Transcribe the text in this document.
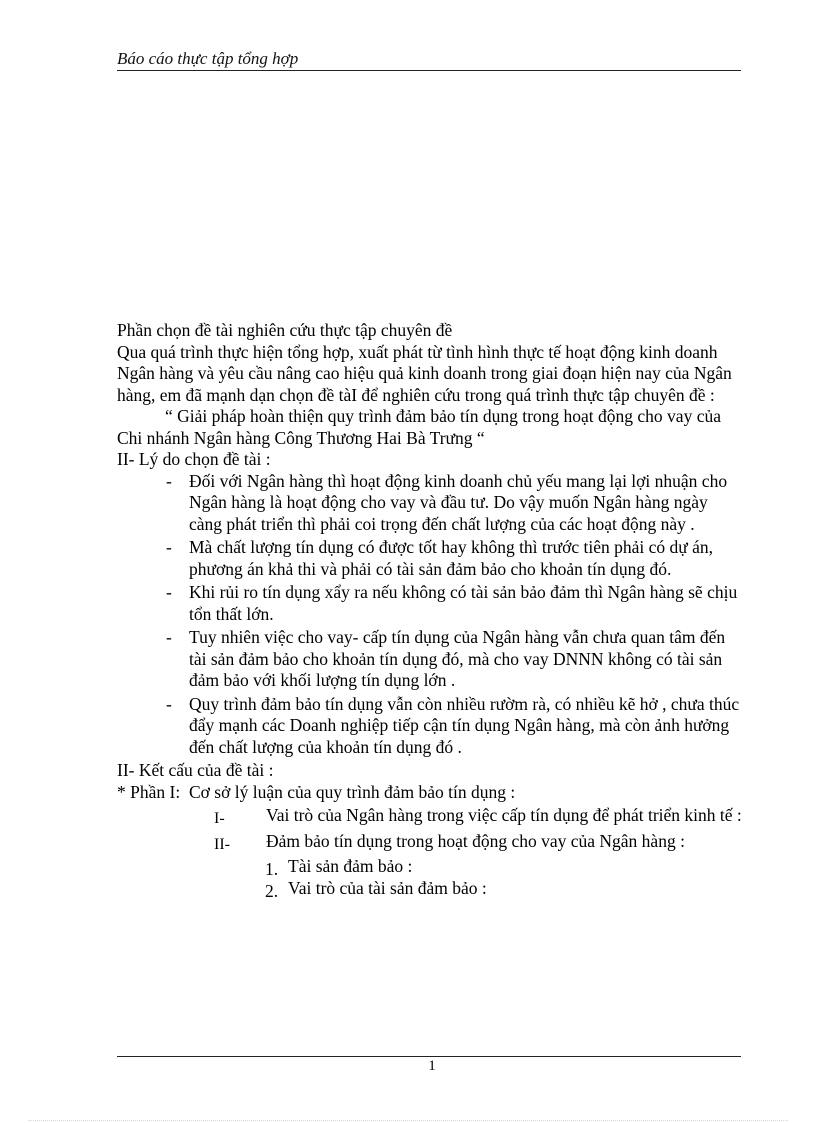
Báo cáo thực tập tổng hợp

Phần chọn đề tài nghiên cứu thực tập chuyên đề

Qua quá trình thực hiện tổng hợp, xuất phát từ tình hình thực tế hoạt động kinh doanh Ngân hàng và yêu cầu nâng cao hiệu quả kinh doanh trong giai đoạn hiện nay của Ngân hàng, em đã mạnh dạn chọn đề tàI để nghiên cứu trong quá trình thực tập chuyên đề :

“ Giải pháp hoàn thiện quy trình đảm bảo tín dụng trong hoạt động cho vay của Chi nhánh Ngân hàng Công Thương Hai Bà Trưng “

II- Lý do chọn đề tài :

- Đối với Ngân hàng thì hoạt động kinh doanh chủ yếu mang lại lợi nhuận cho Ngân hàng là hoạt động cho vay và đầu tư. Do vậy muốn Ngân hàng ngày càng phát triển thì phải coi trọng đến chất lượng của các hoạt động này .
- Mà chất lượng tín dụng có được tốt hay không thì trước tiên phải có dự án, phương án khả thi và phải có tài sản đảm bảo cho khoản tín dụng đó.
- Khi rủi ro tín dụng xẩy ra nếu không có tài sản bảo đảm thì Ngân hàng sẽ chịu tổn thất lớn.
- Tuy nhiên việc cho vay- cấp tín dụng của Ngân hàng vẫn chưa quan tâm đến tài sản đảm bảo cho khoản tín dụng đó, mà cho vay DNNN không có tài sản đảm bảo với khối lượng tín dụng lớn .
- Quy trình đảm bảo tín dụng vẫn còn nhiều rườm rà, có nhiều kẽ hở , chưa thúc đẩy mạnh các Doanh nghiệp tiếp cận tín dụng Ngân hàng, mà còn ảnh hưởng đến chất lượng của khoản tín dụng đó .

II- Kết cấu của đề tài :

* Phần I: Cơ sở lý luận của quy trình đảm bảo tín dụng :

I- Vai trò của Ngân hàng trong việc cấp tín dụng để phát triển kinh tế :
II- Đảm bảo tín dụng trong hoạt động cho vay của Ngân hàng :
1. Tài sản đảm bảo :
2. Vai trò của tài sản đảm bảo :
1
